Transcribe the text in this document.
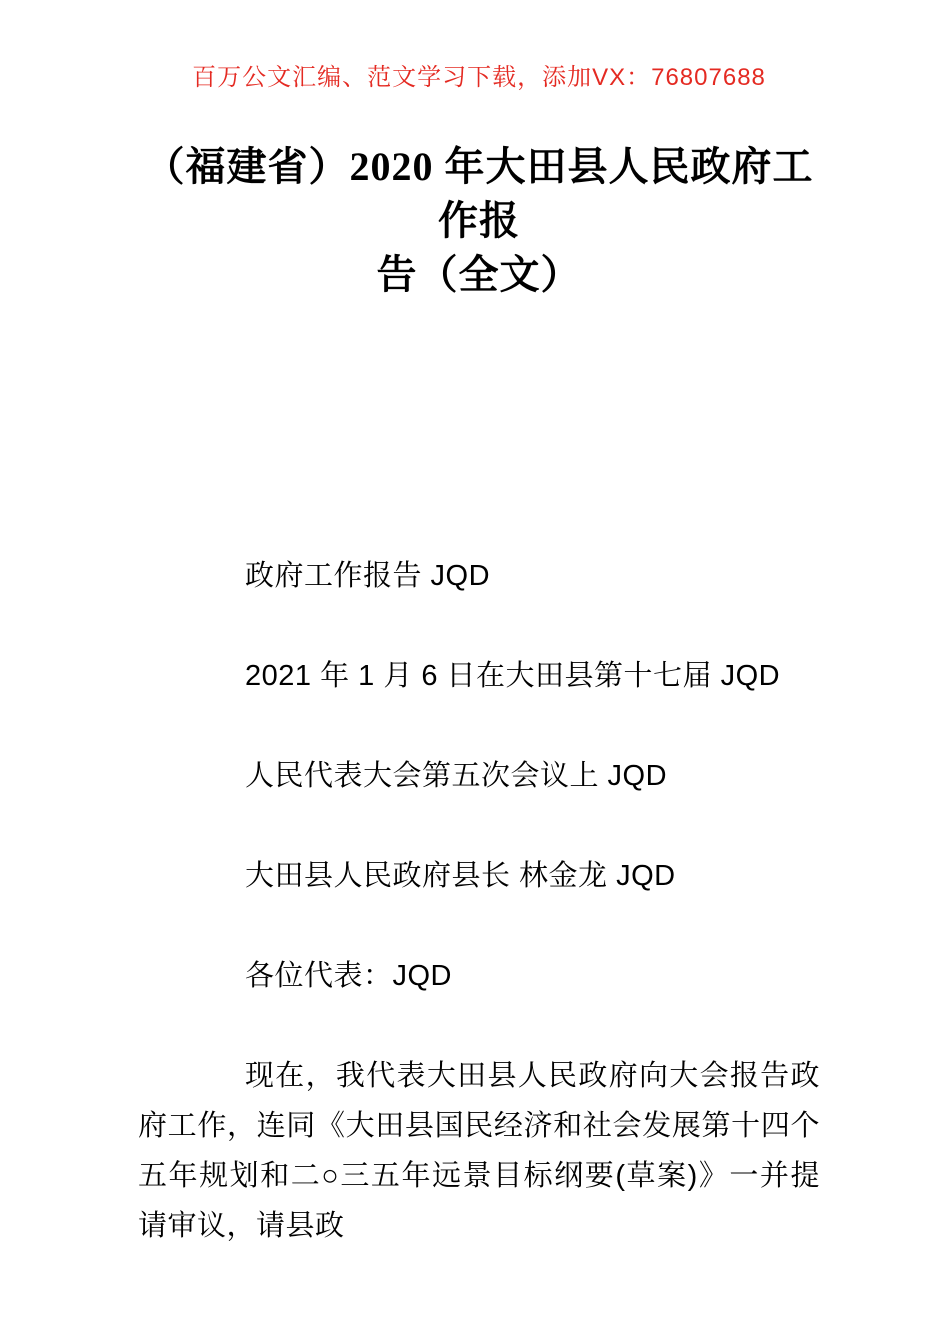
百万公文汇编、范文学习下载，添加VX：76807688
（福建省）2020 年大田县人民政府工作报
告（全文）

政府工作报告 JQD

2021 年 1 月 6 日在大田县第十七届 JQD

人民代表大会第五次会议上 JQD

大田县人民政府县长 林金龙 JQD

各位代表：JQD

现在，我代表大田县人民政府向大会报告政府工作，连同《大田县国民经济和社会发展第十四个五年规划和二○三五年远景目标纲要(草案)》一并提请审议，请县政
